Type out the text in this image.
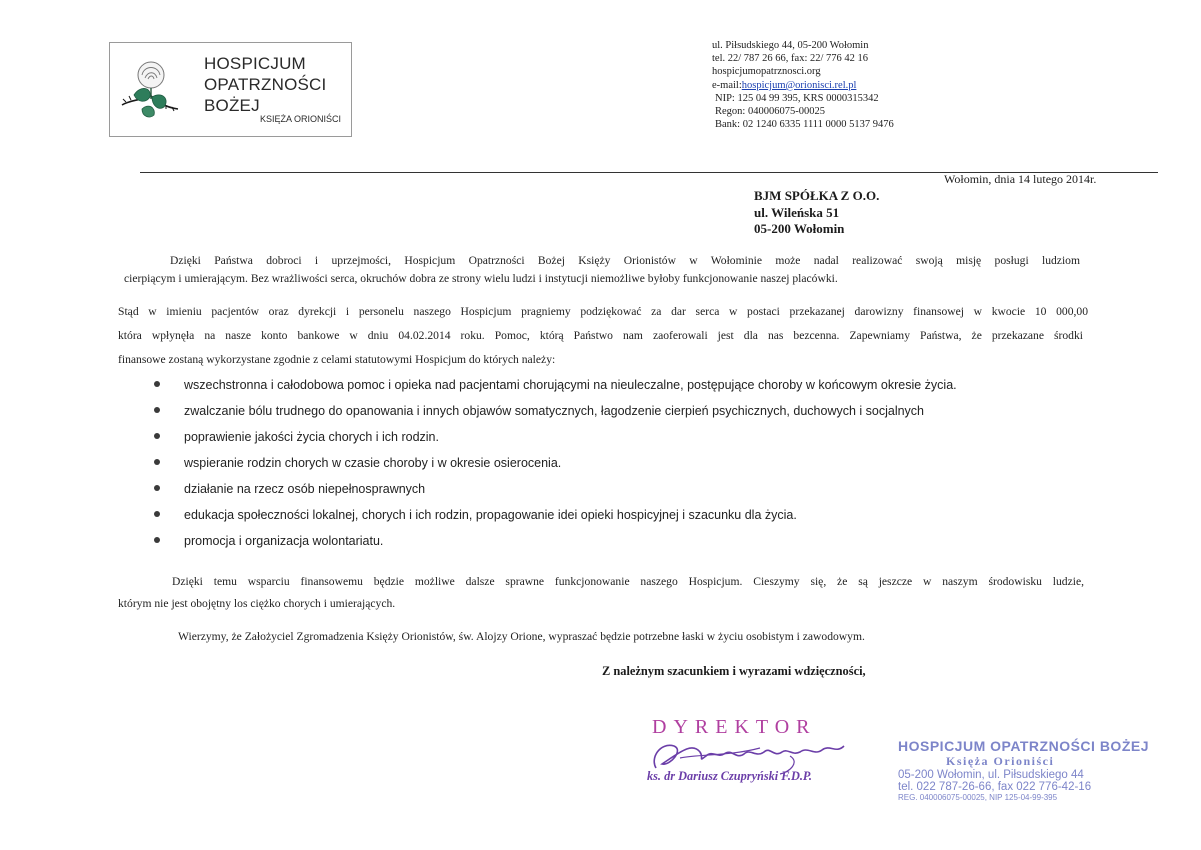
HOSPICJUM
OPATRZNOŚCI
BOŻEJ
KSIĘŻA ORIONIŚCI
ul. Piłsudskiego 44, 05-200 Wołomin
tel. 22/ 787 26 66, fax: 22/ 776 42 16
hospicjumopatrznosci.org
e-mail:hospicjum@orionisci.rel.pl
NIP: 125 04 99 395, KRS 0000315342
Regon: 040006075-00025
Bank: 02 1240 6335 1111 0000 5137 9476
Wołomin, dnia 14 lutego 2014r.
BJM SPÓŁKA Z O.O.
ul. Wileńska 51
05-200 Wołomin
Dzięki Państwa dobroci i uprzejmości, Hospicjum Opatrzności Bożej Księży Orionistów w Wołominie może nadal realizować swoją misję posługi ludziom
cierpiącym i umierającym. Bez wrażliwości serca, okruchów dobra ze strony wielu ludzi i instytucji niemożliwe byłoby funkcjonowanie naszej placówki.
Stąd w imieniu pacjentów oraz dyrekcji i personelu naszego Hospicjum pragniemy podziękować za dar serca w postaci przekazanej darowizny finansowej w kwocie 10 000,00
która wpłynęła na nasze konto bankowe w dniu 04.02.2014 roku. Pomoc, którą Państwo nam zaoferowali jest dla nas bezcenna. Zapewniamy Państwa, że przekazane środki
finansowe zostaną wykorzystane zgodnie z celami statutowymi Hospicjum do których należy:
wszechstronna i całodobowa pomoc i opieka nad pacjentami chorującymi na nieuleczalne, postępujące choroby w końcowym okresie życia.
zwalczanie bólu trudnego do opanowania i innych objawów somatycznych, łagodzenie cierpień psychicznych, duchowych i socjalnych
poprawienie jakości życia chorych i ich rodzin.
wspieranie rodzin chorych w czasie choroby i w okresie osierocenia.
działanie na rzecz osób niepełnosprawnych
edukacja społeczności lokalnej, chorych i ich rodzin, propagowanie idei opieki hospicyjnej i szacunku dla życia.
promocja i organizacja wolontariatu.
Dzięki temu wsparciu finansowemu będzie możliwe dalsze sprawne funkcjonowanie naszego Hospicjum. Cieszymy się, że są jeszcze w naszym środowisku ludzie,
którym nie jest obojętny los ciężko chorych i umierających.
Wierzymy, że Założyciel Zgromadzenia Księży Orionistów, św. Alojzy Orione, wypraszać będzie potrzebne łaski w życiu osobistym i zawodowym.
Z należnym szacunkiem i wyrazami wdzięczności,
DYREKTOR
ks. dr Dariusz Czupryński F.D.P.
HOSPICJUM OPATRZNOŚCI BOŻEJ
Księża Orioniści
05-200 Wołomin, ul. Piłsudskiego 44
tel. 022 787-26-66, fax 022 776-42-16
REG. 040006075-00025, NIP 125-04-99-395
